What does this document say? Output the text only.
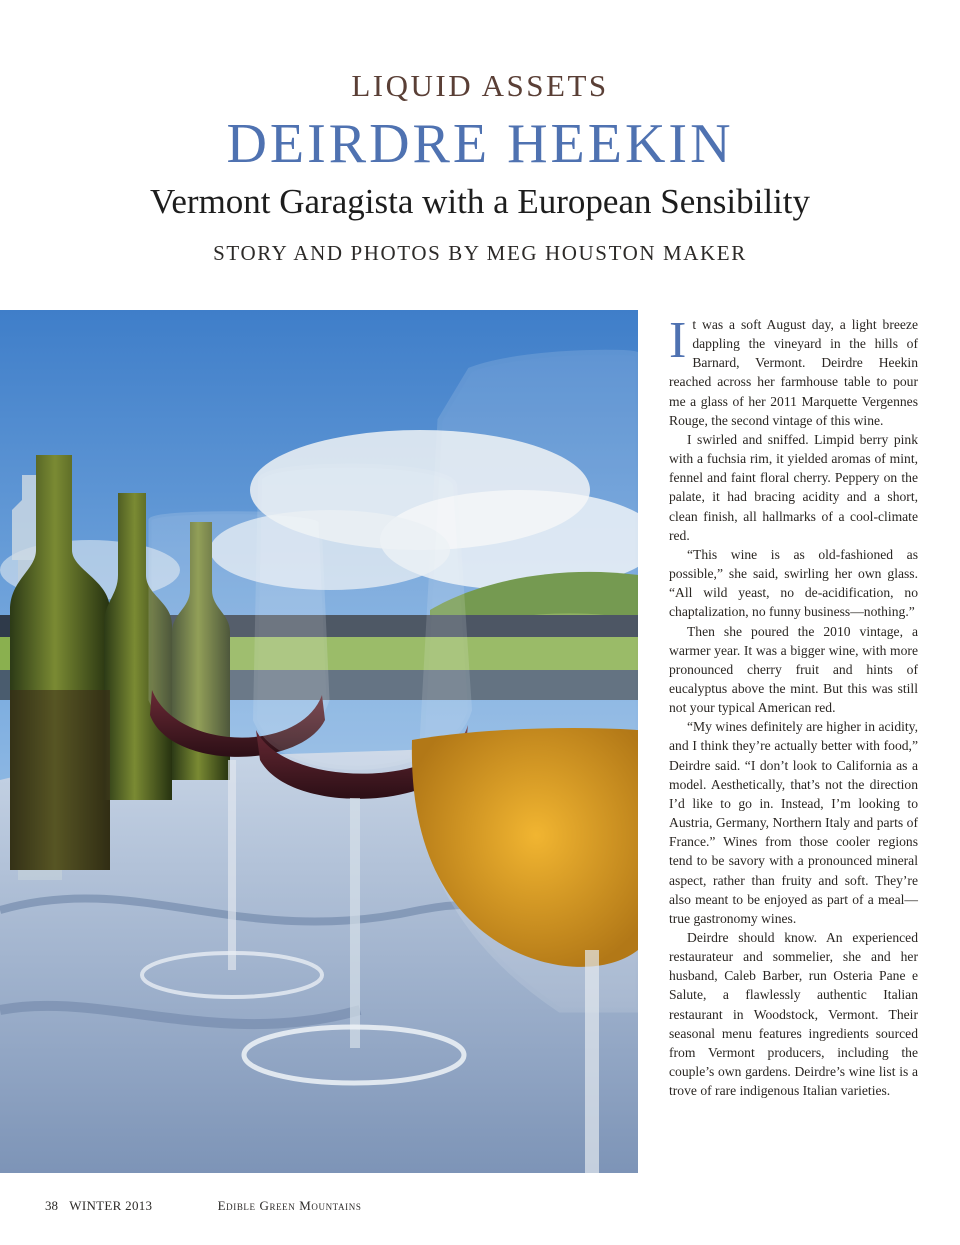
LIQUID ASSETS
DEIRDRE HEEKIN
Vermont Garagista with a European Sensibility
STORY AND PHOTOS BY MEG HOUSTON MAKER

It was a soft August day, a light breeze dappling the vineyard in the hills of Barnard, Vermont. Deirdre Heekin reached across her farmhouse table to pour me a glass of her 2011 Marquette Vergennes Rouge, the second vintage of this wine.

I swirled and sniffed. Limpid berry pink with a fuchsia rim, it yielded aromas of mint, fennel and faint floral cherry. Peppery on the palate, it had bracing acidity and a short, clean finish, all hallmarks of a cool-climate red.

“This wine is as old-fashioned as possible,” she said, swirling her own glass. “All wild yeast, no de-acidification, no chaptalization, no funny business—nothing.”

Then she poured the 2010 vintage, a warmer year. It was a bigger wine, with more pronounced cherry fruit and hints of eucalyptus above the mint. But this was still not your typical American red.

“My wines definitely are higher in acidity, and I think they’re actually better with food,” Deirdre said. “I don’t look to California as a model. Aesthetically, that’s not the direction I’d like to go in. Instead, I’m looking to Austria, Germany, Northern Italy and parts of France.” Wines from those cooler regions tend to be savory with a pronounced mineral aspect, rather than fruity and soft. They’re also meant to be enjoyed as part of a meal—true gastronomy wines.

Deirdre should know. An experienced restaurateur and sommelier, she and her husband, Caleb Barber, run Osteria Pane e Salute, a flawlessly authentic Italian restaurant in Woodstock, Vermont. Their seasonal menu features ingredients sourced from Vermont producers, including the couple’s own gardens. Deirdre’s wine list is a trove of rare indigenous Italian varieties.

38 WINTER 2013	Edible Green Mountains
